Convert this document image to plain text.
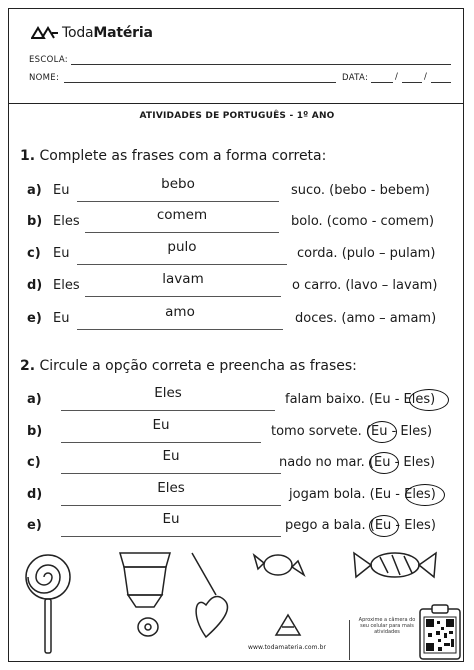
TodaMatéria
ESCOLA:
NOME:	DATA:	/	/
ATIVIDADES DE PORTUGUÊS - 1º ANO
1. Complete as frases com a forma correta:
a) Eu	bebo	suco. (bebo - bebem)
b) Eles	comem	bolo. (como - comem)
c) Eu	pulo	corda. (pulo – pulam)
d) Eles	lavam	o carro. (lavo – lavam)
e) Eu	amo	doces. (amo – amam)
2. Circule a opção correta e preencha as frases:
a)	Eles	falam baixo. (Eu - Eles)
b)	Eu	tomo sorvete. (Eu - Eles)
c)	Eu	nado no mar. (Eu - Eles)
d)	Eles	jogam bola. (Eu - Eles)
e)	Eu	pego a bala. (Eu - Eles)
www.todamateria.com.br
Aproxime a câmera do seu celular para mais atividades
